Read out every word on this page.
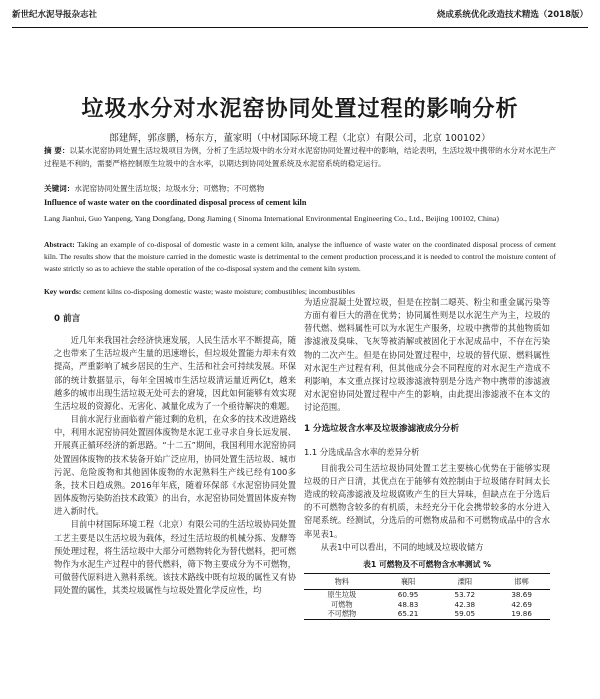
新世纪水泥导报杂志社	烧成系统优化改造技术精选（2018版）
垃圾水分对水泥窑协同处置过程的影响分析
郎建辉，郭彦鹏，杨东方，董家明（中材国际环境工程（北京）有限公司，北京 100102）
摘 要：以某水泥窑协同处置生活垃圾项目为例，分析了生活垃圾中的水分对水泥窑协同处置过程中的影响，结论表明，生活垃圾中携带的水分对水泥生产过程是不利的，需要严格控制原生垃圾中的含水率，以期达到协同处置系统及水泥窑系统的稳定运行。
关键词：水泥窑协同处置生活垃圾；垃圾水分；可燃物；不可燃物
Influence of waste water on the coordinated disposal process of cement kiln
Lang Jianhui, Guo Yanpeng, Yang Dongfang, Dong Jiaming ( Sinoma International Environmental Engineering Co., Ltd., Beijing 100102, China)
Abstract: Taking an example of co-disposal of domestic waste in a cement kiln, analyse the influence of waste water on the coordinated disposal process of cement kiln. The results show that the moisture carried in the domestic waste is detrimental to the cement production process,and it is needed to control the moisture content of waste strictly so as to achieve the stable operation of the co-disposal system and the cement kiln system.
Key words: cement kilns co-disposing domestic waste; waste moisture; combustibles; incombustibles
0 前言

近几年来我国社会经济快速发展，人民生活水平不断提高，随之也带来了生活垃圾产生量的迅速增长，但垃圾处置能力却未有效提高，严重影响了城乡居民的生产、生活和社会可持续发展。环保部的统计数据显示，每年全国城市生活垃圾清运量近两亿t，越来越多的城市出现生活垃圾无处可去的窘境，因此如何能够有效实现生活垃圾的资源化、无害化、减量化成为了一个亟待解决的难题。

目前水泥行业面临着产能过剩的危机，在众多的技术改进路线中，利用水泥窑协同处置固体废物是水泥工业寻求自身长远发展、开展真正循环经济的新思路。“十二五”期间，我国利用水泥窑协同处置固体废物的技术装备开始广泛应用，协同处置生活垃圾、城市污泥、危险废物和其他固体废物的水泥熟料生产线已经有100多条，技术日趋成熟。2016年年底，随着环保部《水泥窑协同处置固体废物污染防治技术政策》的出台，水泥窑协同处置固体废弃物进入新时代。

目前中材国际环境工程（北京）有限公司的生活垃圾协同处置工艺主要是以生活垃圾为载体，经过生活垃圾的机械分拣、发酵等预处理过程，将生活垃圾中大部分可燃物转化为替代燃料，把可燃物作为水泥生产过程中的替代燃料，筛下物主要成分为不可燃物，可做替代原料进入熟料系统。该技术路线中既有垃圾的属性又有协同处置的属性，其类垃圾属性与垃圾处置化学反应性，均

为适应混凝土处置垃圾，但是在控制二噁英、粉尘和重金属污染等方面有着巨大的潜在优势；协同属性则是以水泥生产为主，垃圾的替代燃、燃料属性可以为水泥生产服务，垃圾中携带的其他物质如渗滤液及臭味、飞灰等被消解或被固化于水泥成品中，不存在污染物的二次产生。但是在协同处置过程中，垃圾的替代原、燃料属性对水泥生产过程有利，但其他成分会不同程度的对水泥生产造成不利影响，本文重点探讨垃圾渗滤液特别是分选产物中携带的渗滤液对水泥窑协同处置过程中产生的影响，由此提出渗滤液不在本文的讨论范围。

1 分选垃圾含水率及垃圾渗滤液成分分析
1.1 分选成品含水率的差异分析

目前我公司生活垃圾协同处置工艺主要核心优势在于能够实现垃圾的日产日清，其优点在于能够有效控制由于垃圾储存时间太长造成的较高渗滤液及垃圾腐败产生的巨大异味，但缺点在于分选后的不可燃物含较多的有机质，未经充分干化会携带较多的水分进入窑尾系统。经测试，分选后的可燃物成品和不可燃物成品中的含水率见表1。

从表1中可以看出，不同的地域及垃圾收储方

表1 可燃物及不可燃物含水率测试 %
物料	襄阳	溧阳	邯郸
原生垃圾	60.95	53.72	38.69
可燃物	48.83	42.38	42.69
不可燃物	65.21	59.05	19.86
